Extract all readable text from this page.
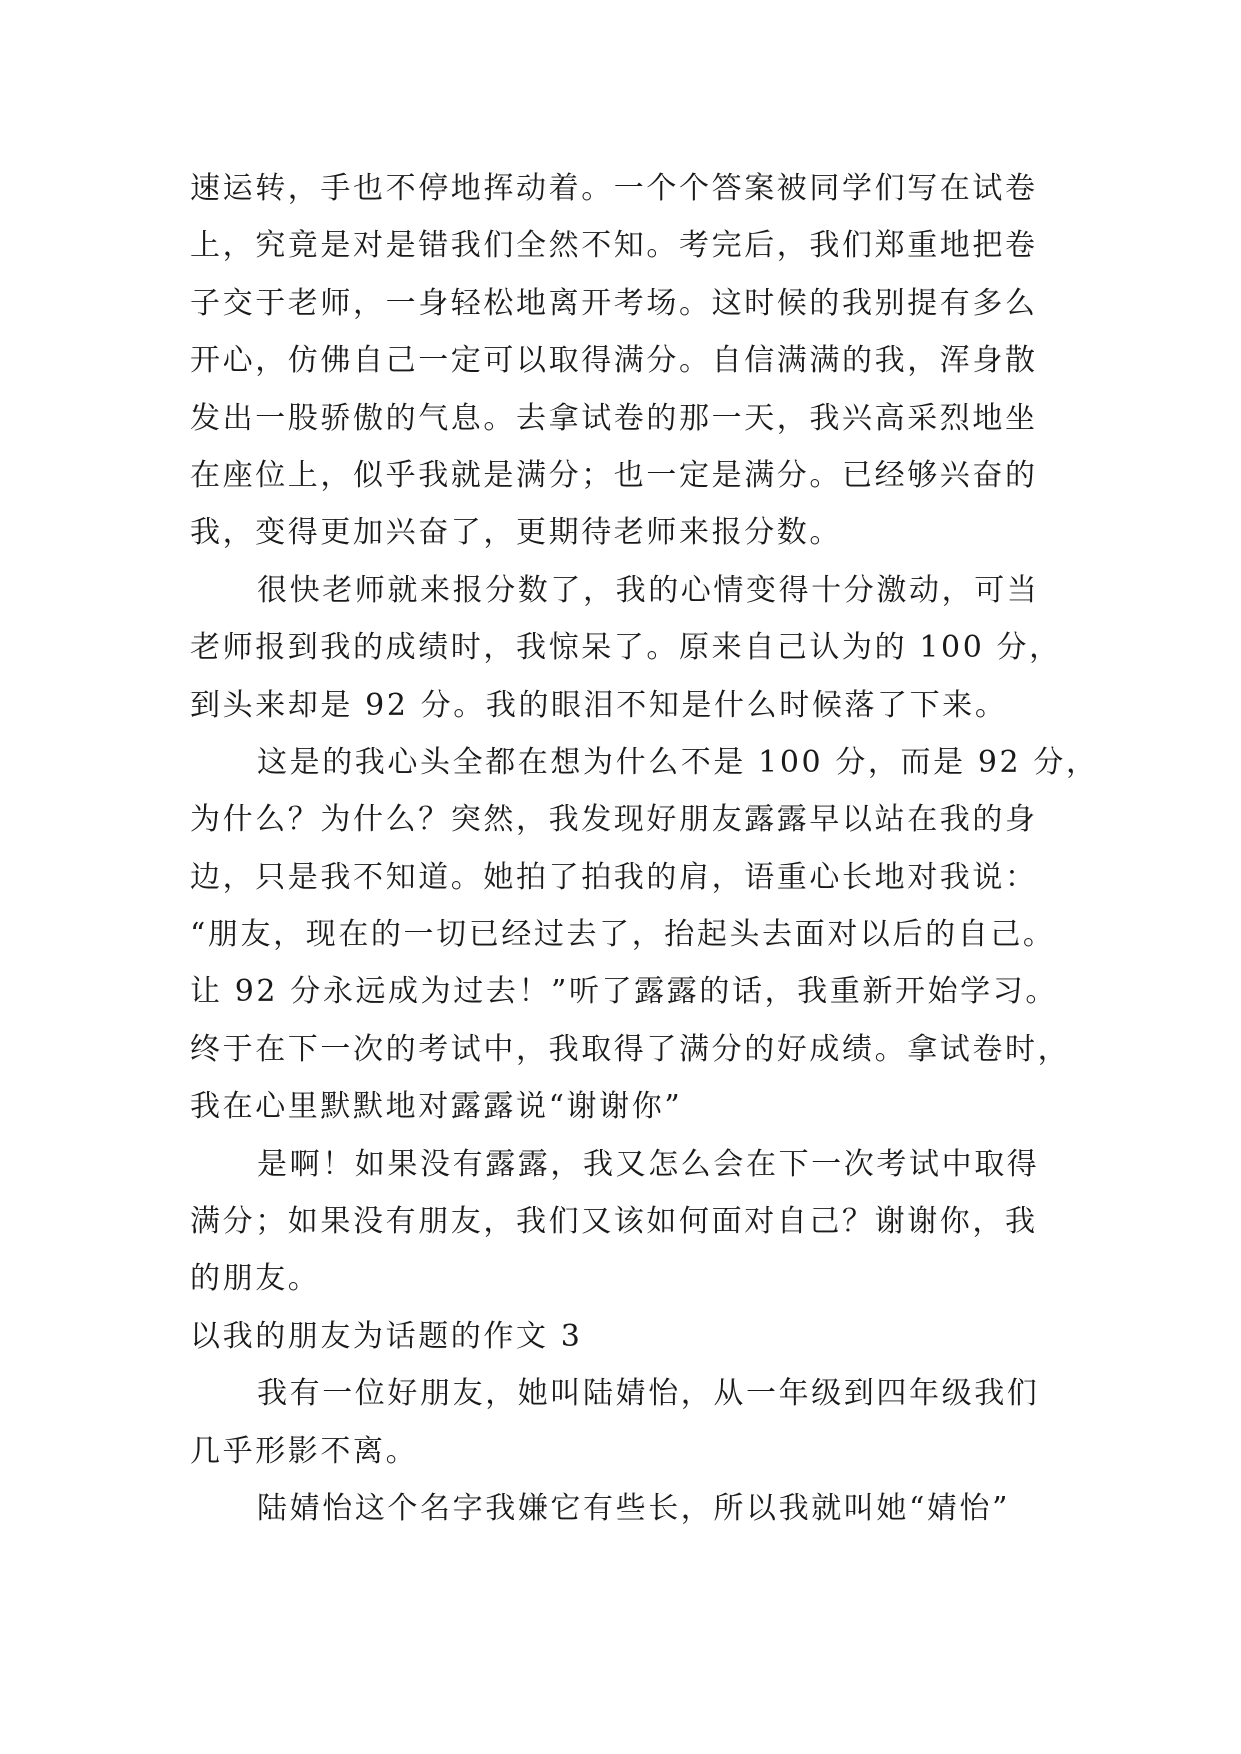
速运转，手也不停地挥动着。一个个答案被同学们写在试卷
上，究竟是对是错我们全然不知。考完后，我们郑重地把卷
子交于老师，一身轻松地离开考场。这时候的我别提有多么
开心，仿佛自己一定可以取得满分。自信满满的我，浑身散
发出一股骄傲的气息。去拿试卷的那一天，我兴高采烈地坐
在座位上，似乎我就是满分；也一定是满分。已经够兴奋的
我，变得更加兴奋了，更期待老师来报分数。
很快老师就来报分数了，我的心情变得十分激动，可当
老师报到我的成绩时，我惊呆了。原来自己认为的 100 分，
到头来却是 92 分。我的眼泪不知是什么时候落了下来。
这是的我心头全都在想为什么不是 100 分，而是 92 分，
为什么？为什么？突然，我发现好朋友露露早以站在我的身
边，只是我不知道。她拍了拍我的肩，语重心长地对我说：
“朋友，现在的一切已经过去了，抬起头去面对以后的自己。
让 92 分永远成为过去！”听了露露的话，我重新开始学习。
终于在下一次的考试中，我取得了满分的好成绩。拿试卷时，
我在心里默默地对露露说“谢谢你”
是啊！如果没有露露，我又怎么会在下一次考试中取得
满分；如果没有朋友，我们又该如何面对自己？谢谢你，我
的朋友。
以我的朋友为话题的作文 3
我有一位好朋友，她叫陆婧怡，从一年级到四年级我们
几乎形影不离。
陆婧怡这个名字我嫌它有些长，所以我就叫她“婧怡”
